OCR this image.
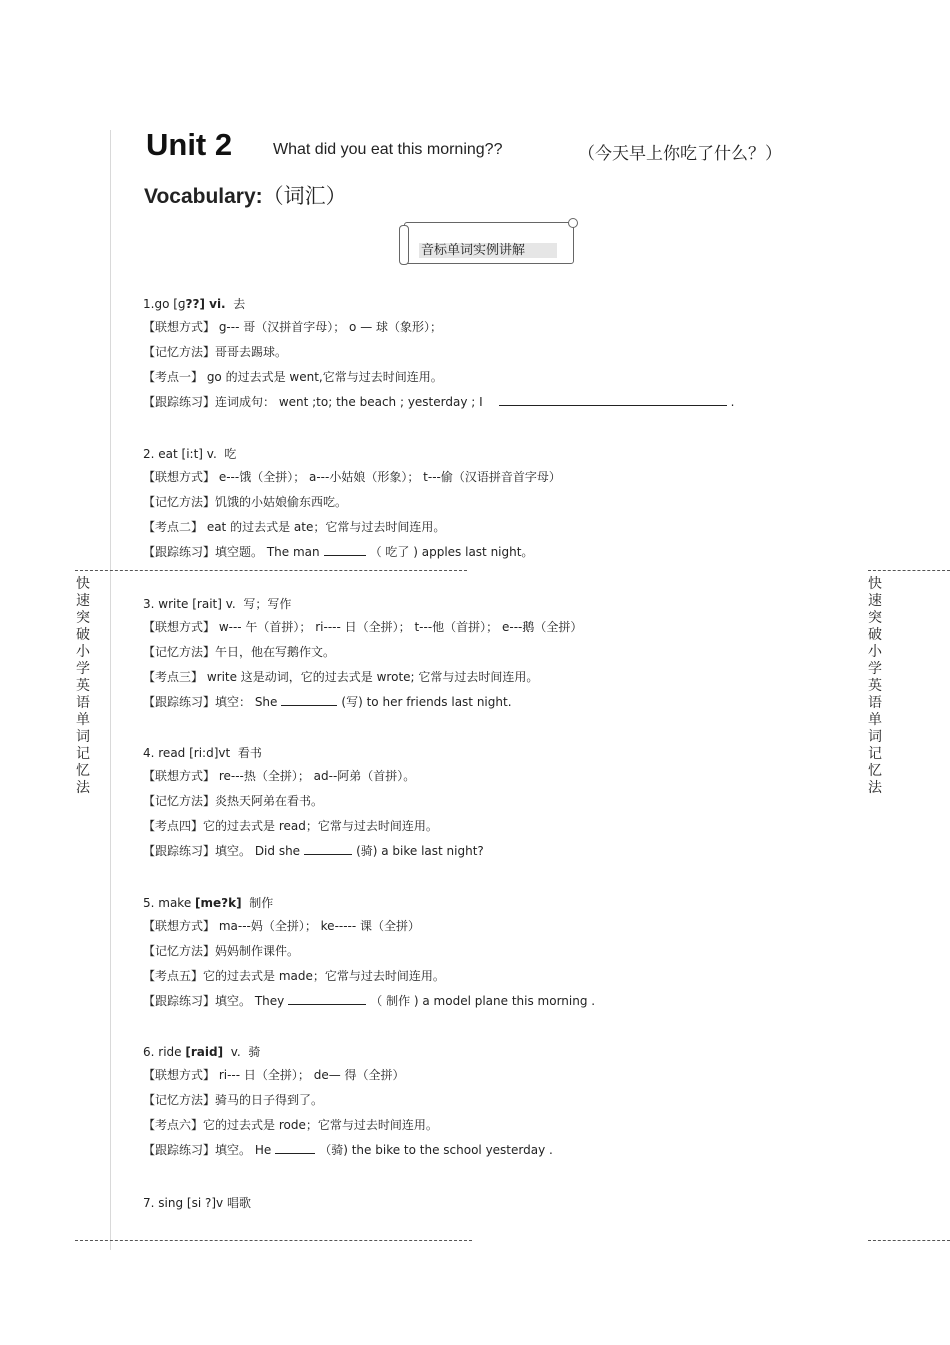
快
速
突
破
小
学
英
语
单
词
记
忆
法
快
速
突
破
小
学
英
语
单
词
记
忆
法
Unit 2	What did you eat this morning??	（今天早上你吃了什么？）
Vocabulary:（词汇）
音标单词实例讲解
1.go [ɡ??] vi. 去
【联想方式】 g--- 哥（汉拼首字母）； o — 球（象形）；
【记忆方法】哥哥去踢球。
【考点一】 go 的过去式是 went,它常与过去时间连用。
【跟踪练习】连词成句： went ;to; the beach ; yesterday ; I	.
2. eat [i:t] v. 吃
【联想方式】 e---饿（全拼）； a---小姑娘（形象）； t---偷（汉语拼音首字母）
【记忆方法】饥饿的小姑娘偷东西吃。
【考点二】 eat 的过去式是 ate；它常与过去时间连用。
【跟踪练习】填空题。 The man	（ 吃了 ) apples last night。
3. write [rait] v. 写；写作
【联想方式】 w--- 午（首拼）； ri---- 日（全拼）； t---他（首拼）； e---鹅（全拼）
【记忆方法】午日，他在写鹅作文。
【考点三】 write 这是动词，它的过去式是 wrote; 它常与过去时间连用。
【跟踪练习】填空： She	(写) to her friends last night.
4. read [ri:d]vt 看书
【联想方式】 re---热（全拼）； ad--阿弟（首拼）。
【记忆方法】炎热天阿弟在看书。
【考点四】它的过去式是 read；它常与过去时间连用。
【跟踪练习】填空。 Did she	(骑) a bike last night?
5. make [me?k] 制作
【联想方式】 ma---妈（全拼）； ke----- 课（全拼）
【记忆方法】妈妈制作课件。
【考点五】它的过去式是 made；它常与过去时间连用。
【跟踪练习】填空。 They	（ 制作 ) a model plane this morning .
6. ride [raid] v. 骑
【联想方式】 ri--- 日（全拼）； de— 得（全拼）
【记忆方法】骑马的日子得到了。
【考点六】它的过去式是 rode；它常与过去时间连用。
【跟踪练习】填空。 He	（骑) the bike to the school yesterday .
7. sing [si ?]v 唱歌
